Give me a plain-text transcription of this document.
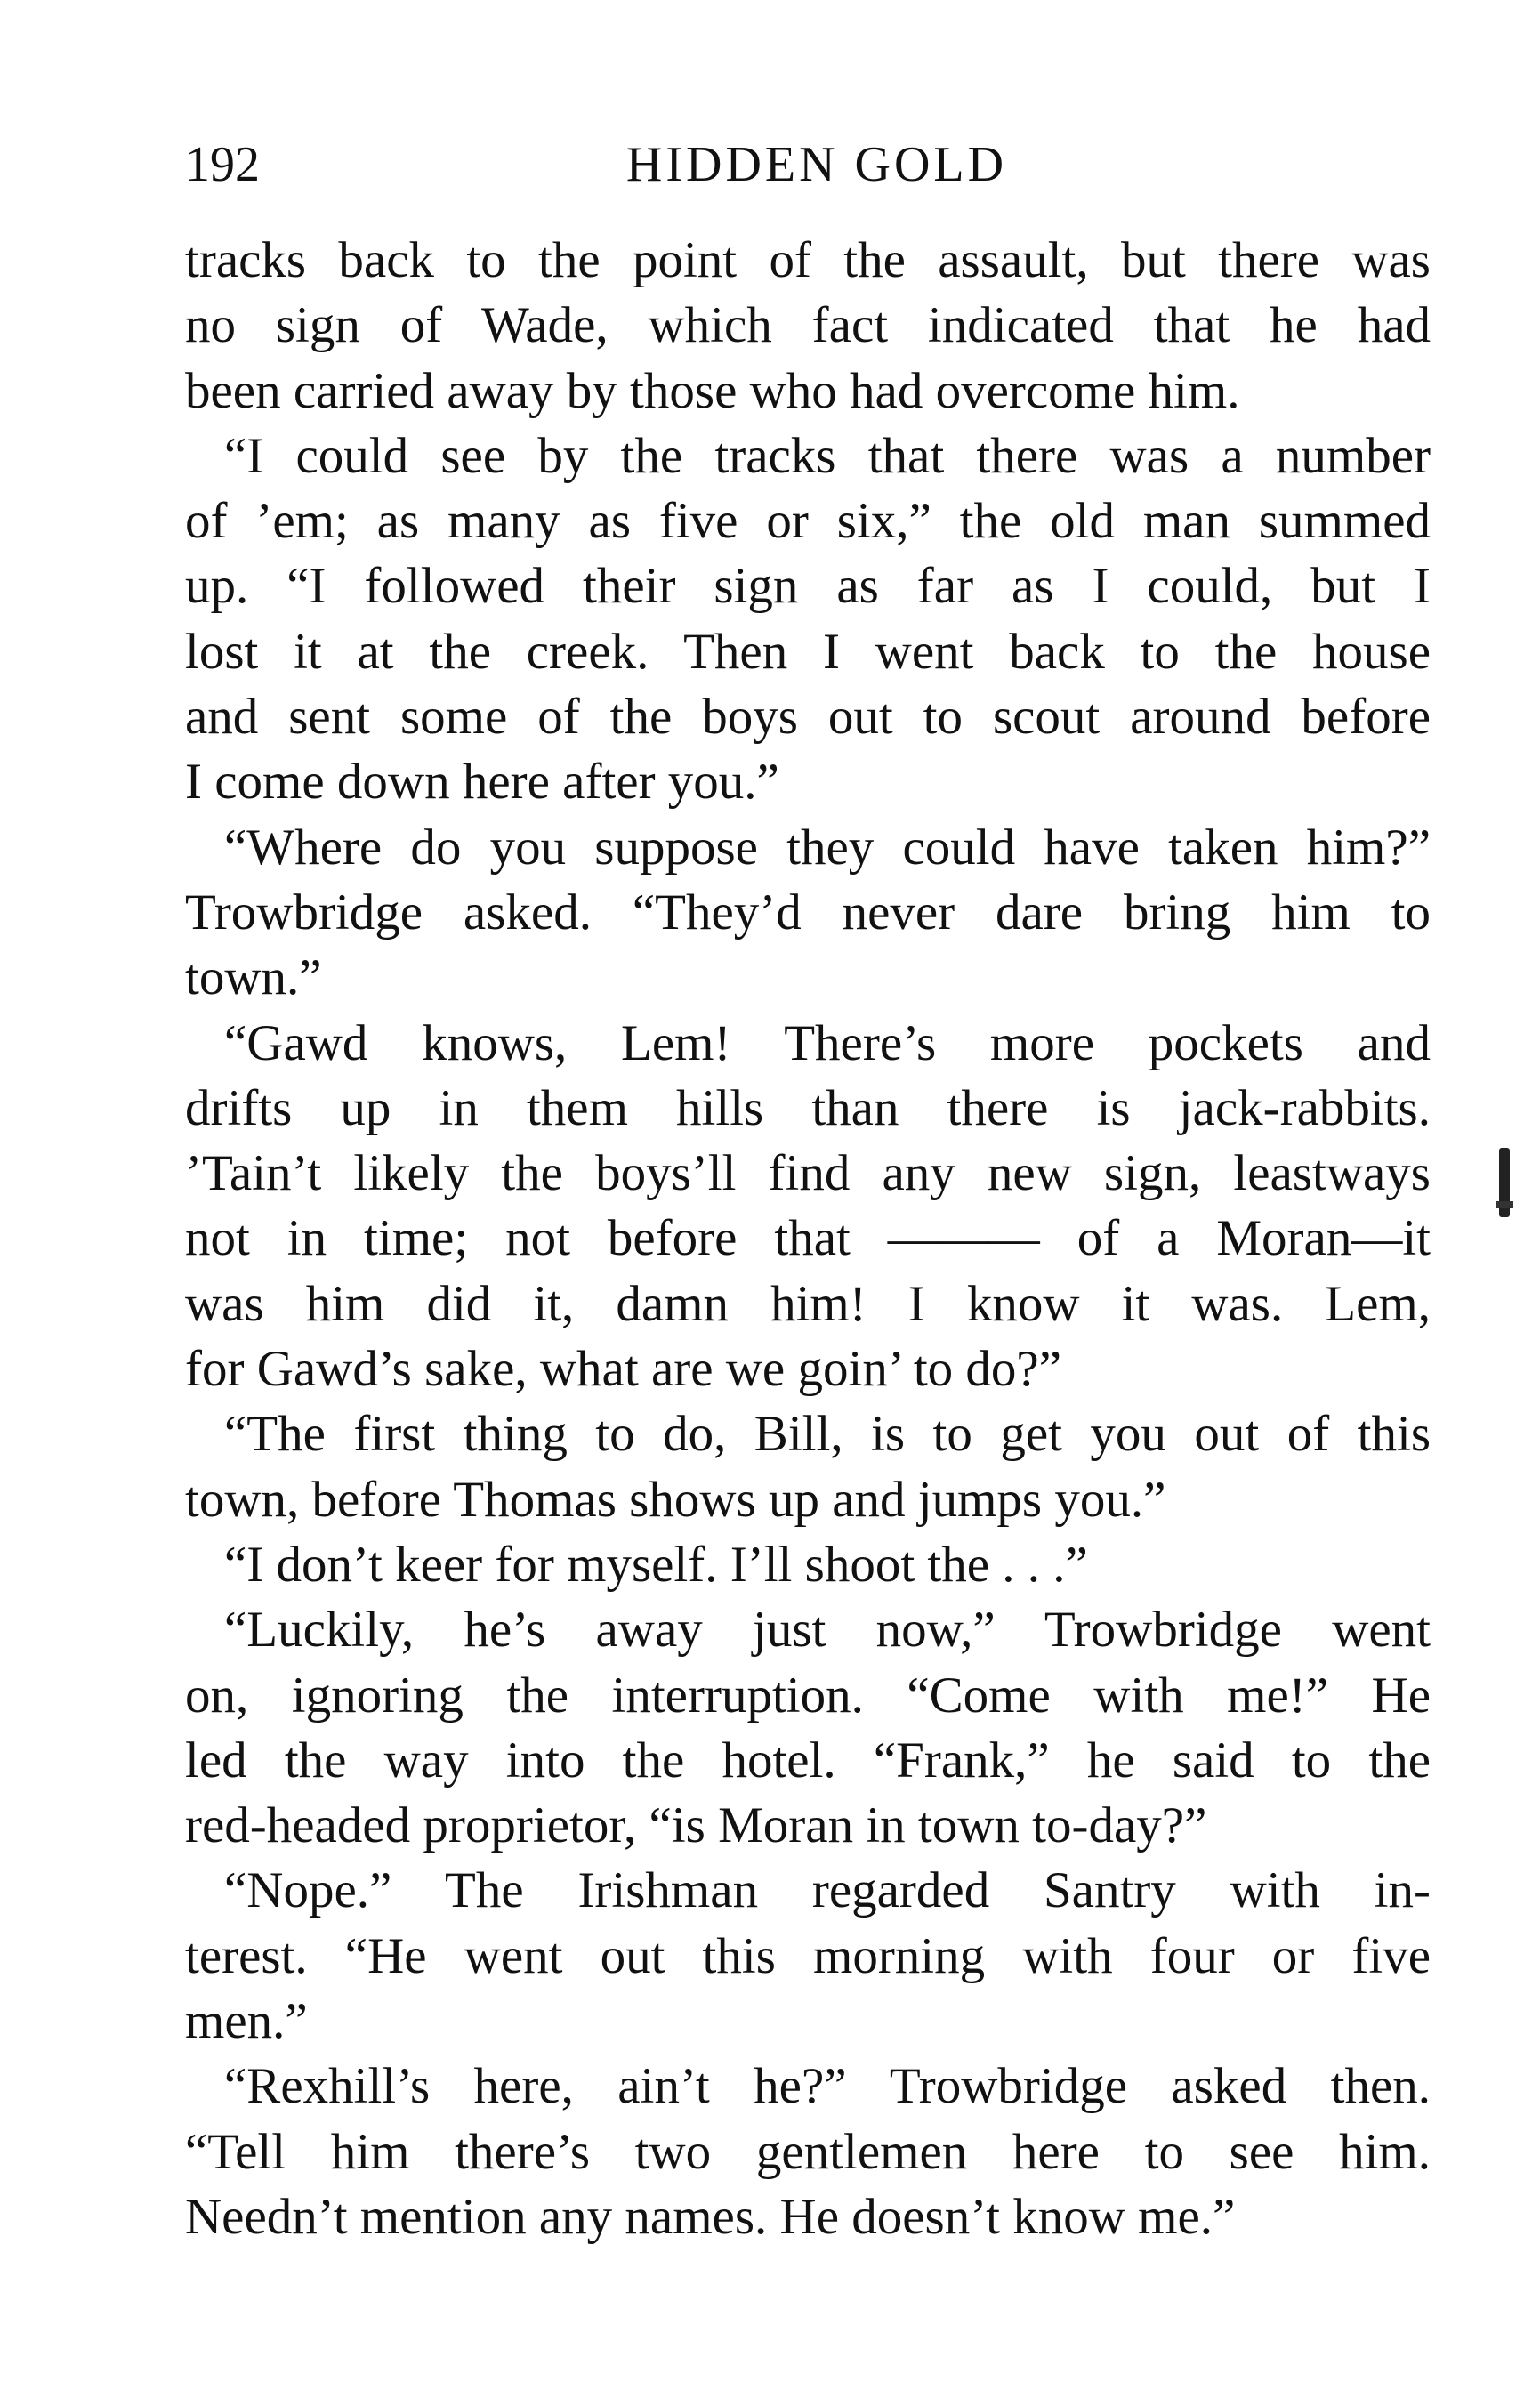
192	HIDDEN GOLD
tracks back to the point of the assault, but there was
no sign of Wade, which fact indicated that he had
been carried away by those who had overcome him.
“I could see by the tracks that there was a number
of ’em; as many as five or six,” the old man summed
up. “I followed their sign as far as I could, but I
lost it at the creek. Then I went back to the house
and sent some of the boys out to scout around before
I come down here after you.”
“Where do you suppose they could have taken him?”
Trowbridge asked. “They’d never dare bring him to
town.”
“Gawd knows, Lem! There’s more pockets and
drifts up in them hills than there is jack-rabbits.
’Tain’t likely the boys’ll find any new sign, leastways
not in time; not before that ——— of a Moran—it
was him did it, damn him! I know it was. Lem,
for Gawd’s sake, what are we goin’ to do?”
“The first thing to do, Bill, is to get you out of this
town, before Thomas shows up and jumps you.”
“I don’t keer for myself. I’ll shoot the . . .”
“Luckily, he’s away just now,” Trowbridge went
on, ignoring the interruption. “Come with me!” He
led the way into the hotel. “Frank,” he said to the
red-headed proprietor, “is Moran in town to-day?”
“Nope.” The Irishman regarded Santry with in-
terest. “He went out this morning with four or five
men.”
“Rexhill’s here, ain’t he?” Trowbridge asked then.
“Tell him there’s two gentlemen here to see him.
Needn’t mention any names. He doesn’t know me.”
